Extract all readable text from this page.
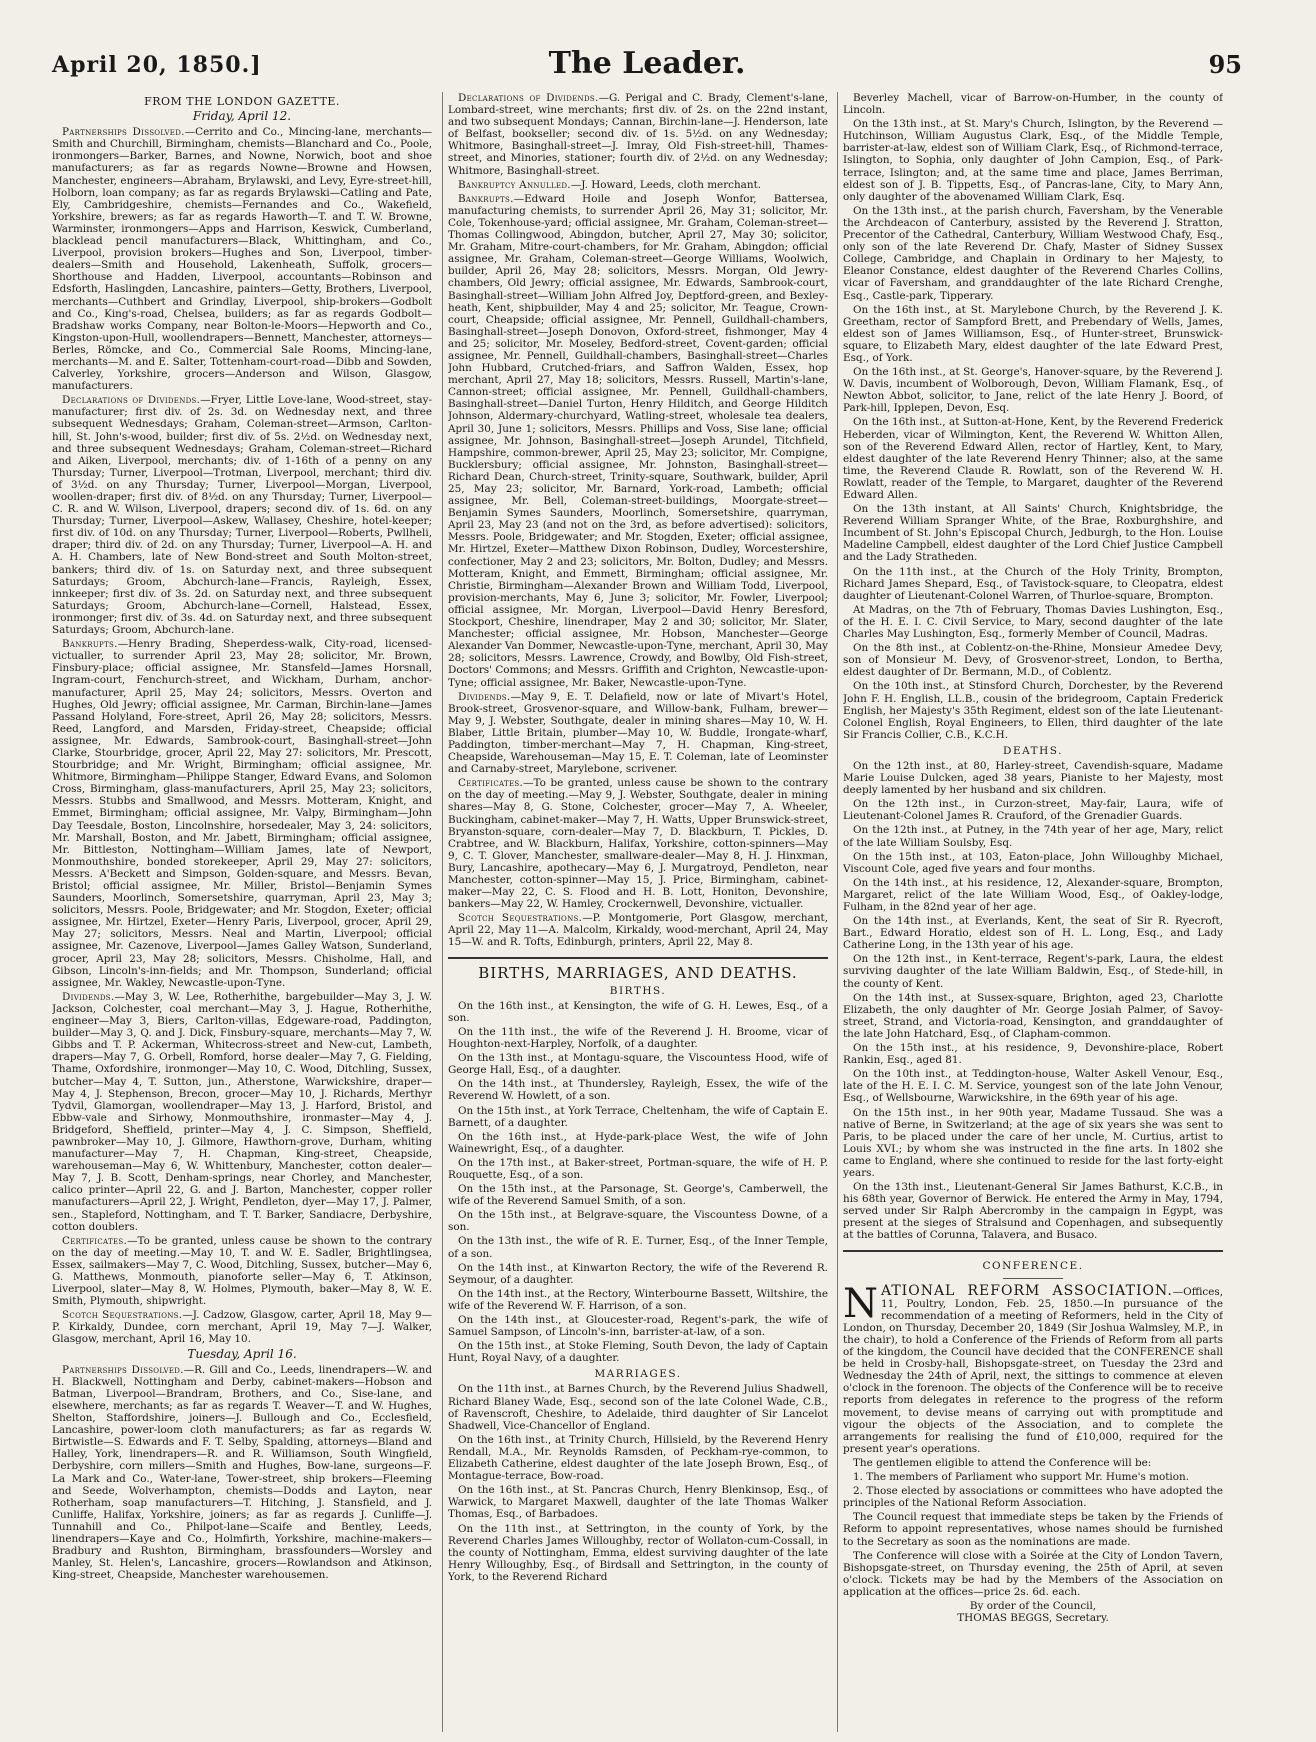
April 20, 1850.]	The Leader.	95
FROM THE LONDON GAZETTE.
Friday, April 12.

Partnerships Dissolved.—Cerrito and Co., Mincing-lane, merchants—Smith and Churchill, Birmingham, chemists—Blanchard and Co., Poole, ironmongers—Barker, Barnes, and Nowne, Norwich, boot and shoe manufacturers; as far as regards Nowne—Browne and Howsen, Manchester, engineers—Abraham, Brylawski, and Levy, Eyre-street-hill, Holborn, loan company; as far as regards Brylawski—Catling and Pate, Ely, Cambridgeshire, chemists—Fernandes and Co., Wakefield, Yorkshire, brewers; as far as regards Haworth—T. and T. W. Browne, Warminster, ironmongers—Apps and Harrison, Keswick, Cumberland, blacklead pencil manufacturers—Black, Whittingham, and Co., Liverpool, provision brokers—Hughes and Son, Liverpool, timber-dealers—Smith and Household, Lakenheath, Suffolk, grocers—Shorthouse and Hadden, Liverpool, accountants—Robinson and Edsforth, Haslingden, Lancashire, painters—Getty, Brothers, Liverpool, merchants—Cuthbert and Grindlay, Liverpool, ship-brokers—Godbolt and Co., King's-road, Chelsea, builders; as far as regards Godbolt—Bradshaw works Company, near Bolton-le-Moors—Hepworth and Co., Kingston-upon-Hull, woollendrapers—Bennett, Manchester, attorneys—Berles, Römcke, and Co., Commercial Sale Rooms, Mincing-lane, merchants—M. and E. Salter, Tottenham-court-road—Dibb and Sowden, Calverley, Yorkshire, grocers—Anderson and Wilson, Glasgow, manufacturers.

Declarations of Dividends.—Fryer, Little Love-lane, Wood-street, stay-manufacturer; first div. of 2s. 3d. on Wednesday next, and three subsequent Wednesdays; Graham, Coleman-street—Armson, Carlton-hill, St. John's-wood, builder; first div. of 5s. 2½d. on Wednesday next, and three subsequent Wednesdays; Graham, Coleman-street—Richard and Aiken, Liverpool, merchants; div. of 1-16th of a penny on any Thursday; Turner, Liverpool—Trotman, Liverpool, merchant; third div. of 3½d. on any Thursday; Turner, Liverpool—Morgan, Liverpool, woollen-draper; first div. of 8½d. on any Thursday; Turner, Liverpool—C. R. and W. Wilson, Liverpool, drapers; second div. of 1s. 6d. on any Thursday; Turner, Liverpool—Askew, Wallasey, Cheshire, hotel-keeper; first div. of 10d. on any Thursday; Turner, Liverpool—Roberts, Pwllheli, draper; third div. of 2d. on any Thursday; Turner, Liverpool—A. H. and A. H. Chambers, late of New Bond-street and South Molton-street, bankers; third div. of 1s. on Saturday next, and three subsequent Saturdays; Groom, Abchurch-lane—Francis, Rayleigh, Essex, innkeeper; first div. of 3s. 2d. on Saturday next, and three subsequent Saturdays; Groom, Abchurch-lane—Cornell, Halstead, Essex, ironmonger; first div. of 3s. 4d. on Saturday next, and three subsequent Saturdays; Groom, Abchurch-lane.

Bankrupts.—Henry Brading, Sheperdess-walk, City-road, licensed-victualler, to surrender April 23, May 28; solicitor, Mr. Brown, Finsbury-place; official assignee, Mr. Stansfeld—James Horsnall, Ingram-court, Fenchurch-street, and Wickham, Durham, anchor-manufacturer, April 25, May 24; solicitors, Messrs. Overton and Hughes, Old Jewry; official assignee, Mr. Carman, Birchin-lane—James Passand Holyland, Fore-street, April 26, May 28; solicitors, Messrs. Reed, Langford, and Marsden, Friday-street, Cheapside; official assignee, Mr. Edwards, Sambrook-court, Basinghall-street—John Clarke, Stourbridge, grocer, April 22, May 27: solicitors, Mr. Prescott, Stourbridge; and Mr. Wright, Birmingham; official assignee, Mr. Whitmore, Birmingham—Philippe Stanger, Edward Evans, and Solomon Cross, Birmingham, glass-manufacturers, April 25, May 23; solicitors, Messrs. Stubbs and Smallwood, and Messrs. Motteram, Knight, and Emmet, Birmingham; official assignee, Mr. Valpy, Birmingham—John Day Teesdale, Boston, Lincolnshire, horsedealer, May 3, 24: solicitors, Mr. Marshall, Boston, and Mr. Jabett, Birmingham; official assignee, Mr. Bittleston, Nottingham—William James, late of Newport, Monmouthshire, bonded storekeeper, April 29, May 27: solicitors, Messrs. A'Beckett and Simpson, Golden-square, and Messrs. Bevan, Bristol; official assignee, Mr. Miller, Bristol—Benjamin Symes Saunders, Moorlinch, Somersetshire, quarryman, April 23, May 3; solicitors, Messrs. Poole, Bridgewater; and Mr. Stogdon, Exeter; official assignee, Mr. Hirtzel, Exeter—Henry Paris, Liverpool, grocer, April 29, May 27; solicitors, Messrs. Neal and Martin, Liverpool; official assignee, Mr. Cazenove, Liverpool—James Galley Watson, Sunderland, grocer, April 23, May 28; solicitors, Messrs. Chisholme, Hall, and Gibson, Lincoln's-inn-fields; and Mr. Thompson, Sunderland; official assignee, Mr. Wakley, Newcastle-upon-Tyne.

Dividends.—May 3, W. Lee, Rotherhithe, bargebuilder—May 3, J. W. Jackson, Colchester, coal merchant—May 3, J. Hague, Rotherhithe, engineer—May 3, Biers, Carlton-villas, Edgeware-road, Paddington, builder—May 3, Q. and J. Dick, Finsbury-square, merchants—May 7, W. Gibbs and T. P. Ackerman, Whitecross-street and New-cut, Lambeth, drapers—May 7, G. Orbell, Romford, horse dealer—May 7, G. Fielding, Thame, Oxfordshire, ironmonger—May 10, C. Wood, Ditchling, Sussex, butcher—May 4, T. Sutton, jun., Atherstone, Warwickshire, draper—May 4, J. Stephenson, Brecon, grocer—May 10, J. Richards, Merthyr Tydvil, Glamorgan, woollendraper—May 13, J. Harford, Bristol, and Ebbw-vale and Sirhowy, Monmouthshire, ironmaster—May 4, J. Bridgeford, Sheffield, printer—May 4, J. C. Simpson, Sheffield, pawnbroker—May 10, J. Gilmore, Hawthorn-grove, Durham, whiting manufacturer—May 7, H. Chapman, King-street, Cheapside, warehouseman—May 6, W. Whittenbury, Manchester, cotton dealer—May 7, J. B. Scott, Denham-springs, near Chorley, and Manchester, calico printer—April 22, G. and J. Barton, Manchester, copper roller manufacturers—April 22, J. Wright, Pendleton, dyer—May 17, J. Palmer, sen., Stapleford, Nottingham, and T. T. Barker, Sandiacre, Derbyshire, cotton doublers.

Certificates.—To be granted, unless cause be shown to the contrary on the day of meeting.—May 10, T. and W. E. Sadler, Brightlingsea, Essex, sailmakers—May 7, C. Wood, Ditchling, Sussex, butcher—May 6, G. Matthews, Monmouth, pianoforte seller—May 6, T. Atkinson, Liverpool, slater—May 8, W. Holmes, Plymouth, baker—May 8, W. E. Smith, Plymouth, shipwright.

Scotch Sequestrations.—J. Cadzow, Glasgow, carter, April 18, May 9—P. Kirkaldy, Dundee, corn merchant, April 19, May 7—J. Walker, Glasgow, merchant, April 16, May 10.

Tuesday, April 16.

Partnerships Dissolved.—R. Gill and Co., Leeds, linendrapers—W. and H. Blackwell, Nottingham and Derby, cabinet-makers—Hobson and Batman, Liverpool—Brandram, Brothers, and Co., Sise-lane, and elsewhere, merchants; as far as regards T. Weaver—T. and W. Hughes, Shelton, Staffordshire, joiners—J. Bullough and Co., Ecclesfield, Lancashire, power-loom cloth manufacturers; as far as regards W. Birtwistle—S. Edwards and F. T. Selby, Spalding, attorneys—Bland and Halley, York, linendrapers—R. and R. Williamson, South Wingfield, Derbyshire, corn millers—Smith and Hughes, Bow-lane, surgeons—F. La Mark and Co., Water-lane, Tower-street, ship brokers—Fleeming and Seede, Wolverhampton, chemists—Dodds and Layton, near Rotherham, soap manufacturers—T. Hitching, J. Stansfield, and J. Cunliffe, Halifax, Yorkshire, joiners; as far as regards J. Cunliffe—J. Tunnahill and Co., Philpot-lane—Scaife and Bentley, Leeds, linendrapers—Kaye and Co., Holmfirth, Yorkshire, machine-makers—Bradbury and Rushton, Birmingham, brassfounders—Worsley and Manley, St. Helen's, Lancashire, grocers—Rowlandson and Atkinson, King-street, Cheapside, Manchester warehousemen.

Declarations of Dividends.—G. Perigal and C. Brady, Clement's-lane, Lombard-street, wine merchants; first div. of 2s. on the 22nd instant, and two subsequent Mondays; Cannan, Birchin-lane—J. Henderson, late of Belfast, bookseller; second div. of 1s. 5½d. on any Wednesday; Whitmore, Basinghall-street—J. Imray, Old Fish-street-hill, Thames-street, and Minories, stationer; fourth div. of 2½d. on any Wednesday; Whitmore, Basinghall-street.

Bankruptcy Annulled.—J. Howard, Leeds, cloth merchant.

Bankrupts.—Edward Hoile and Joseph Wonfor, Battersea, manufacturing chemists, to surrender April 26, May 31; solicitor, Mr. Cole, Tokenhouse-yard; official assignee, Mr. Graham, Coleman-street—Thomas Collingwood, Abingdon, butcher, April 27, May 30; solicitor, Mr. Graham, Mitre-court-chambers, for Mr. Graham, Abingdon; official assignee, Mr. Graham, Coleman-street—George Williams, Woolwich, builder, April 26, May 28; solicitors, Messrs. Morgan, Old Jewry-chambers, Old Jewry; official assignee, Mr. Edwards, Sambrook-court, Basinghall-street—William John Alfred Joy, Deptford-green, and Bexley-heath, Kent, shipbuilder, May 4 and 25; solicitor, Mr. Teague, Crown-court, Cheapside; official assignee, Mr. Pennell, Guildhall-chambers, Basinghall-street—Joseph Donovon, Oxford-street, fishmonger, May 4 and 25; solicitor, Mr. Moseley, Bedford-street, Covent-garden; official assignee, Mr. Pennell, Guildhall-chambers, Basinghall-street—Charles John Hubbard, Crutched-friars, and Saffron Walden, Essex, hop merchant, April 27, May 18; solicitors, Messrs. Russell, Martin's-lane, Cannon-street; official assignee, Mr. Pennell, Guildhall-chambers, Basinghall-street—Daniel Turton, Henry Hilditch, and George Hilditch Johnson, Aldermary-churchyard, Watling-street, wholesale tea dealers, April 30, June 1; solicitors, Messrs. Phillips and Voss, Sise lane; official assignee, Mr. Johnson, Basinghall-street—Joseph Arundel, Titchfield, Hampshire, common-brewer, April 25, May 23; solicitor, Mr. Compigne, Bucklersbury; official assignee, Mr. Johnston, Basinghall-street—Richard Dean, Church-street, Trinity-square, Southwark, builder, April 25, May 23; solicitor, Mr. Barnard, York-road, Lambeth; official assignee, Mr. Bell, Coleman-street-buildings, Moorgate-street—Benjamin Symes Saunders, Moorlinch, Somersetshire, quarryman, April 23, May 23 (and not on the 3rd, as before advertised): solicitors, Messrs. Poole, Bridgewater; and Mr. Stogden, Exeter; official assignee, Mr. Hirtzel, Exeter—Matthew Dixon Robinson, Dudley, Worcestershire, confectioner, May 2 and 23; solicitors, Mr. Bolton, Dudley; and Messrs. Motteram, Knight, and Emmett, Birmingham; official assignee, Mr. Christie, Birmingham—Alexander Brown and William Todd, Liverpool, provision-merchants, May 6, June 3; solicitor, Mr. Fowler, Liverpool; official assignee, Mr. Morgan, Liverpool—David Henry Beresford, Stockport, Cheshire, linendraper, May 2 and 30; solicitor, Mr. Slater, Manchester; official assignee, Mr. Hobson, Manchester—George Alexander Van Dommer, Newcastle-upon-Tyne, merchant, April 30, May 28; solicitors, Messrs. Lawrence, Crowdy, and Bowlby, Old Fish-street, Doctors' Commons; and Messrs. Griffith and Crighton, Newcastle-upon-Tyne; official assignee, Mr. Baker, Newcastle-upon-Tyne.

Dividends.—May 9, E. T. Delafield, now or late of Mivart's Hotel, Brook-street, Grosvenor-square, and Willow-bank, Fulham, brewer—May 9, J. Webster, Southgate, dealer in mining shares—May 10, W. H. Blaber, Little Britain, plumber—May 10, W. Buddle, Irongate-wharf, Paddington, timber-merchant—May 7, H. Chapman, King-street, Cheapside, Warehouseman—May 15, E. T. Coleman, late of Leominster and Carnaby-street, Marylebone, scrivener.

Certificates.—To be granted, unless cause be shown to the contrary on the day of meeting.—May 9, J. Webster, Southgate, dealer in mining shares—May 8, G. Stone, Colchester, grocer—May 7, A. Wheeler, Buckingham, cabinet-maker—May 7, H. Watts, Upper Brunswick-street, Bryanston-square, corn-dealer—May 7, D. Blackburn, T. Pickles, D. Crabtree, and W. Blackburn, Halifax, Yorkshire, cotton-spinners—May 9, C. T. Glover, Manchester, smallware-dealer—May 8, H. J. Hinxman, Bury, Lancashire, apothecary—May 6, J. Murgatroyd, Pendleton, near Manchester, cotton-spinner—May 15, J. Price, Birmingham, cabinet-maker—May 22, C. S. Flood and H. B. Lott, Honiton, Devonshire, bankers—May 22, W. Hamley, Crockernwell, Devonshire, victualler.

Scotch Sequestrations.—P. Montgomerie, Port Glasgow, merchant, April 22, May 11—A. Malcolm, Kirkaldy, wood-merchant, April 24, May 15—W. and R. Tofts, Edinburgh, printers, April 22, May 8.

BIRTHS, MARRIAGES, AND DEATHS.
BIRTHS.

On the 16th inst., at Kensington, the wife of G. H. Lewes, Esq., of a son.

On the 11th inst., the wife of the Reverend J. H. Broome, vicar of Houghton-next-Harpley, Norfolk, of a daughter.

On the 13th inst., at Montagu-square, the Viscountess Hood, wife of George Hall, Esq., of a daughter.

On the 14th inst., at Thundersley, Rayleigh, Essex, the wife of the Reverend W. Howlett, of a son.

On the 15th inst., at York Terrace, Cheltenham, the wife of Captain E. Barnett, of a daughter.

On the 16th inst., at Hyde-park-place West, the wife of John Wainewright, Esq., of a daughter.

On the 17th inst., at Baker-street, Portman-square, the wife of H. P. Rouquette, Esq., of a son.

On the 15th inst., at the Parsonage, St. George's, Camberwell, the wife of the Reverend Samuel Smith, of a son.

On the 15th inst., at Belgrave-square, the Viscountess Downe, of a son.

On the 13th inst., the wife of R. E. Turner, Esq., of the Inner Temple, of a son.

On the 14th inst., at Kinwarton Rectory, the wife of the Reverend R. Seymour, of a daughter.

On the 14th inst., at the Rectory, Winterbourne Bassett, Wiltshire, the wife of the Reverend W. F. Harrison, of a son.

On the 14th inst., at Gloucester-road, Regent's-park, the wife of Samuel Sampson, of Lincoln's-inn, barrister-at-law, of a son.

On the 15th inst., at Stoke Fleming, South Devon, the lady of Captain Hunt, Royal Navy, of a daughter.

MARRIAGES.

On the 11th inst., at Barnes Church, by the Reverend Julius Shadwell, Richard Blaney Wade, Esq., second son of the late Colonel Wade, C.B., of Ravenscroft, Cheshire, to Adelaide, third daughter of Sir Lancelot Shadwell, Vice-Chancellor of England.

On the 16th inst., at Trinity Church, Hillsield, by the Reverend Henry Rendall, M.A., Mr. Reynolds Ramsden, of Peckham-rye-common, to Elizabeth Catherine, eldest daughter of the late Joseph Brown, Esq., of Montague-terrace, Bow-road.

On the 16th inst., at St. Pancras Church, Henry Blenkinsop, Esq., of Warwick, to Margaret Maxwell, daughter of the late Thomas Walker Thomas, Esq., of Barbadoes.

On the 11th inst., at Settrington, in the county of York, by the Reverend Charles James Willoughby, rector of Wollaton-cum-Cossall, in the county of Nottingham, Emma, eldest surviving daughter of the late Henry Willoughby, Esq., of Birdsall and Settrington, in the county of York, to the Reverend Richard

Beverley Machell, vicar of Barrow-on-Humber, in the county of Lincoln.

On the 13th inst., at St. Mary's Church, Islington, by the Reverend — Hutchinson, William Augustus Clark, Esq., of the Middle Temple, barrister-at-law, eldest son of William Clark, Esq., of Richmond-terrace, Islington, to Sophia, only daughter of John Campion, Esq., of Park-terrace, Islington; and, at the same time and place, James Berriman, eldest son of J. B. Tippetts, Esq., of Pancras-lane, City, to Mary Ann, only daughter of the abovenamed William Clark, Esq.

On the 13th inst., at the parish church, Faversham, by the Venerable the Archdeacon of Canterbury, assisted by the Reverend J. Stratton, Precentor of the Cathedral, Canterbury, William Westwood Chafy, Esq., only son of the late Reverend Dr. Chafy, Master of Sidney Sussex College, Cambridge, and Chaplain in Ordinary to her Majesty, to Eleanor Constance, eldest daughter of the Reverend Charles Collins, vicar of Faversham, and granddaughter of the late Richard Crenghe, Esq., Castle-park, Tipperary.

On the 16th inst., at St. Marylebone Church, by the Reverend J. K. Greetham, rector of Sampford Brett, and Prebendary of Wells, James, eldest son of James Williamson, Esq., of Hunter-street, Brunswick-square, to Elizabeth Mary, eldest daughter of the late Edward Prest, Esq., of York.

On the 16th inst., at St. George's, Hanover-square, by the Reverend J. W. Davis, incumbent of Wolborough, Devon, William Flamank, Esq., of Newton Abbot, solicitor, to Jane, relict of the late Henry J. Boord, of Park-hill, Ipplepen, Devon, Esq.

On the 16th inst., at Sutton-at-Hone, Kent, by the Reverend Frederick Heberden, vicar of Wilmington, Kent, the Reverend W. Whitton Allen, son of the Reverend Edward Allen, rector of Hartley, Kent, to Mary, eldest daughter of the late Reverend Henry Thinner; also, at the same time, the Reverend Claude R. Rowlatt, son of the Reverend W. H. Rowlatt, reader of the Temple, to Margaret, daughter of the Reverend Edward Allen.

On the 13th instant, at All Saints' Church, Knightsbridge, the Reverend William Spranger White, of the Brae, Roxburghshire, and Incumbent of St. John's Episcopal Church, Jedburgh, to the Hon. Louise Madeline Campbell, eldest daughter of the Lord Chief Justice Campbell and the Lady Stratheden.

On the 11th inst., at the Church of the Holy Trinity, Brompton, Richard James Shepard, Esq., of Tavistock-square, to Cleopatra, eldest daughter of Lieutenant-Colonel Warren, of Thurloe-square, Brompton.

At Madras, on the 7th of February, Thomas Davies Lushington, Esq., of the H. E. I. C. Civil Service, to Mary, second daughter of the late Charles May Lushington, Esq., formerly Member of Council, Madras.

On the 8th inst., at Coblentz-on-the-Rhine, Monsieur Amedee Devy, son of Monsieur M. Devy, of Grosvenor-street, London, to Bertha, eldest daughter of Dr. Bermann, M.D., of Coblentz.

On the 10th inst., at Stinsford Church, Dorchester, by the Reverend John F. H. English, LL.B., cousin of the bridegroom, Captain Frederick English, her Majesty's 35th Regiment, eldest son of the late Lieutenant-Colonel English, Royal Engineers, to Ellen, third daughter of the late Sir Francis Collier, C.B., K.C.H.

DEATHS.

On the 12th inst., at 80, Harley-street, Cavendish-square, Madame Marie Louise Dulcken, aged 38 years, Pianiste to her Majesty, most deeply lamented by her husband and six children.

On the 12th inst., in Curzon-street, May-fair, Laura, wife of Lieutenant-Colonel James R. Crauford, of the Grenadier Guards.

On the 12th inst., at Putney, in the 74th year of her age, Mary, relict of the late William Soulsby, Esq.

On the 15th inst., at 103, Eaton-place, John Willoughby Michael, Viscount Cole, aged five years and four months.

On the 14th inst., at his residence, 12, Alexander-square, Brompton, Margaret, relict of the late William Wood, Esq., of Oakley-lodge, Fulham, in the 82nd year of her age.

On the 14th inst., at Everlands, Kent, the seat of Sir R. Ryecroft, Bart., Edward Horatio, eldest son of H. L. Long, Esq., and Lady Catherine Long, in the 13th year of his age.

On the 12th inst., in Kent-terrace, Regent's-park, Laura, the eldest surviving daughter of the late William Baldwin, Esq., of Stede-hill, in the county of Kent.

On the 14th inst., at Sussex-square, Brighton, aged 23, Charlotte Elizabeth, the only daughter of Mr. George Josiah Palmer, of Savoy-street, Strand, and Victoria-road, Kensington, and granddaughter of the late John Hatchard, Esq., of Clapham-common.

On the 15th inst., at his residence, 9, Devonshire-place, Robert Rankin, Esq., aged 81.

On the 10th inst., at Teddington-house, Walter Askell Venour, Esq., late of the H. E. I. C. M. Service, youngest son of the late John Venour, Esq., of Wellsbourne, Warwickshire, in the 69th year of his age.

On the 15th inst., in her 90th year, Madame Tussaud. She was a native of Berne, in Switzerland; at the age of six years she was sent to Paris, to be placed under the care of her uncle, M. Curtius, artist to Louis XVI.; by whom she was instructed in the fine arts. In 1802 she came to England, where she continued to reside for the last forty-eight years.

On the 13th inst., Lieutenant-General Sir James Bathurst, K.C.B., in his 68th year, Governor of Berwick. He entered the Army in May, 1794, served under Sir Ralph Abercromby in the campaign in Egypt, was present at the sieges of Stralsund and Copenhagen, and subsequently at the battles of Corunna, Talavera, and Busaco.

CONFERENCE.

NATIONAL REFORM ASSOCIATION.—Offices, 11, Poultry, London, Feb. 25, 1850.—In pursuance of the recommendation of a meeting of Reformers, held in the City of London, on Thursday, December 20, 1849 (Sir Joshua Walmsley, M.P., in the chair), to hold a Conference of the Friends of Reform from all parts of the kingdom, the Council have decided that the CONFERENCE shall be held in Crosby-hall, Bishopsgate-street, on Tuesday the 23rd and Wednesday the 24th of April, next, the sittings to commence at eleven o'clock in the forenoon. The objects of the Conference will be to receive reports from delegates in reference to the progress of the reform movement, to devise means of carrying out with promptitude and vigour the objects of the Association, and to complete the arrangements for realising the fund of £10,000, required for the present year's operations.

The gentlemen eligible to attend the Conference will be:

1. The members of Parliament who support Mr. Hume's motion.

2. Those elected by associations or committees who have adopted the principles of the National Reform Association.

The Council request that immediate steps be taken by the Friends of Reform to appoint representatives, whose names should be furnished to the Secretary as soon as the nominations are made.

The Conference will close with a Soirée at the City of London Tavern, Bishopsgate-street, on Thursday evening, the 25th of April, at seven o'clock. Tickets may be had by the Members of the Association on application at the offices—price 2s. 6d. each.

By order of the Council,
THOMAS BEGGS, Secretary.
